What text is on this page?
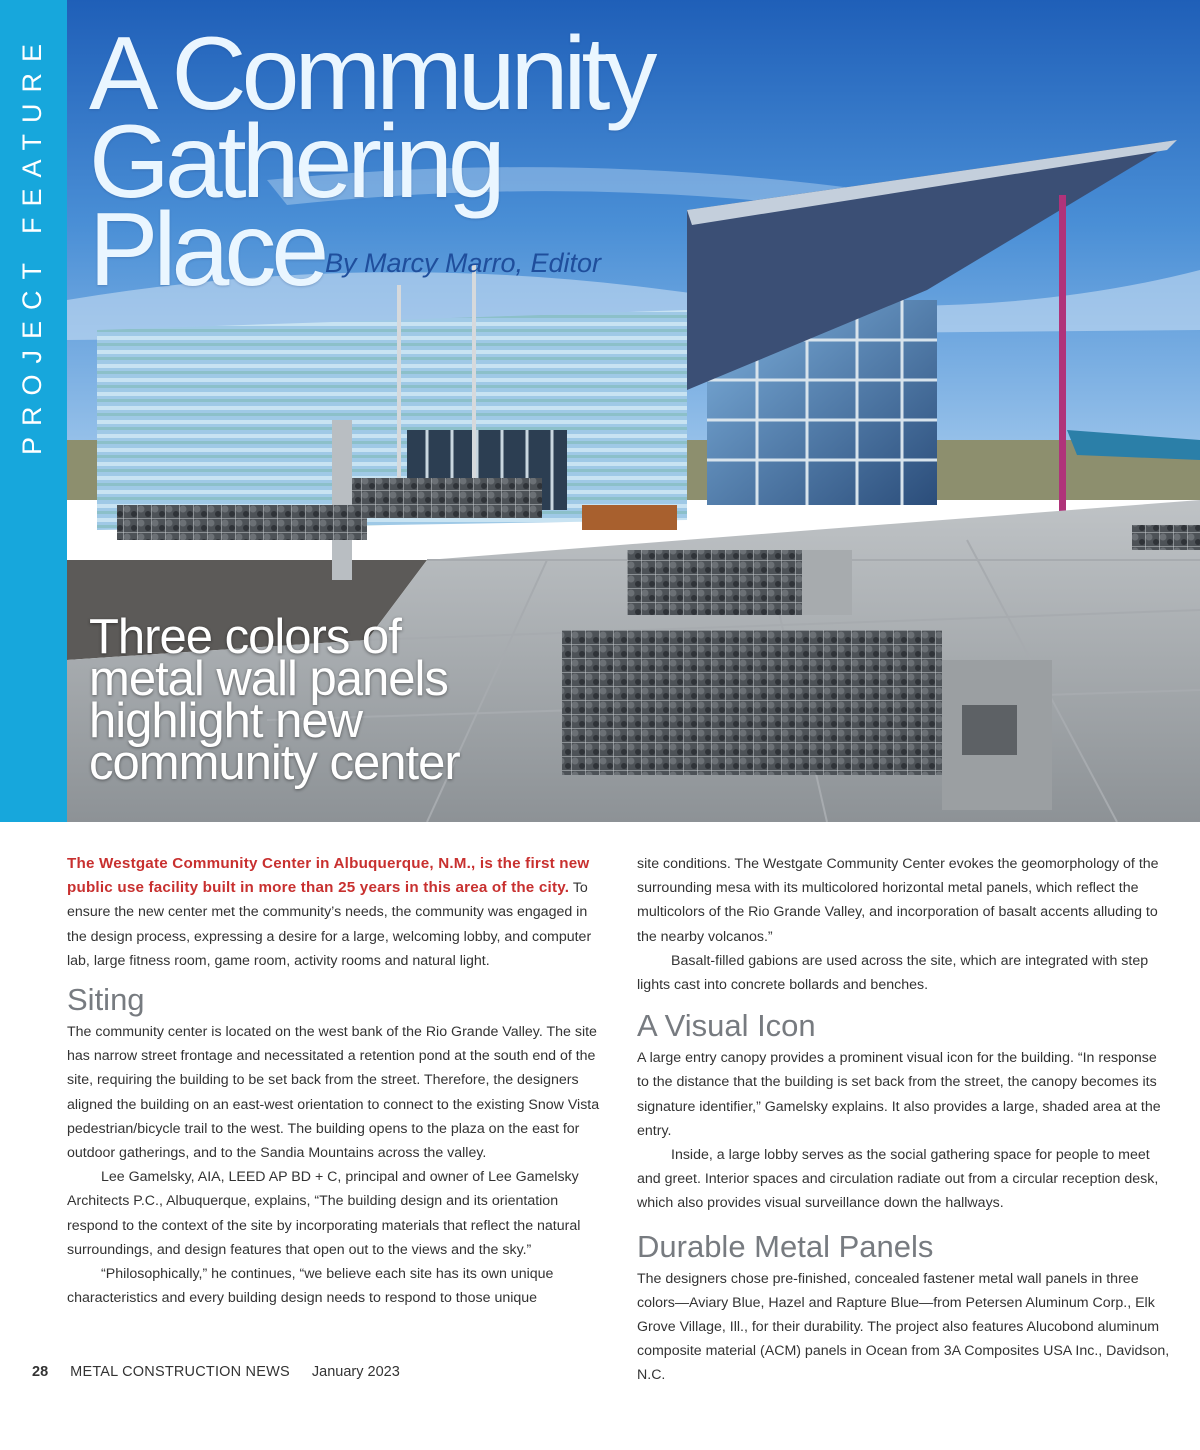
PROJECT FEATURE A Community
Gathering
Place By Marcy Marro, Editor
Three colors of
metal wall panels
highlight new
community center

The Westgate Community Center in Albuquerque, N.M., is the first new public use facility built in more than 25 years in this area of the city. To ensure the new center met the community’s needs, the community was engaged in the design process, expressing a desire for a large, welcoming lobby, and computer lab, large fitness room, game room, activity rooms and natural light.

Siting

The community center is located on the west bank of the Rio Grande Valley. The site has narrow street frontage and necessitated a retention pond at the south end of the site, requiring the building to be set back from the street. Therefore, the designers aligned the building on an east-west orientation to connect to the existing Snow Vista pedestrian/bicycle trail to the west. The building opens to the plaza on the east for outdoor gatherings, and to the Sandia Mountains across the valley.

Lee Gamelsky, AIA, LEED AP BD + C, principal and owner of Lee Gamelsky Architects P.C., Albuquerque, explains, “The building design and its orientation respond to the context of the site by incorporating materials that reflect the natural surroundings, and design features that open out to the views and the sky.”

“Philosophically,” he continues, “we believe each site has its own unique characteristics and every building design needs to respond to those unique

site conditions. The Westgate Community Center evokes the geomorphology of the surrounding mesa with its multicolored horizontal metal panels, which reflect the multicolors of the Rio Grande Valley, and incorporation of basalt accents alluding to the nearby volcanos.”

Basalt-filled gabions are used across the site, which are integrated with step lights cast into concrete bollards and benches.

A Visual Icon

A large entry canopy provides a prominent visual icon for the building. “In response to the distance that the building is set back from the street, the canopy becomes its signature identifier,” Gamelsky explains. It also provides a large, shaded area at the entry.

Inside, a large lobby serves as the social gathering space for people to meet and greet. Interior spaces and circulation radiate out from a circular reception desk, which also provides visual surveillance down the hallways.

Durable Metal Panels

The designers chose pre-finished, concealed fastener metal wall panels in three colors—Aviary Blue, Hazel and Rapture Blue—from Petersen Aluminum Corp., Elk Grove Village, Ill., for their durability. The project also features Alucobond aluminum composite material (ACM) panels in Ocean from 3A Composites USA Inc., Davidson, N.C.

28 METAL CONSTRUCTION NEWS January 2023
